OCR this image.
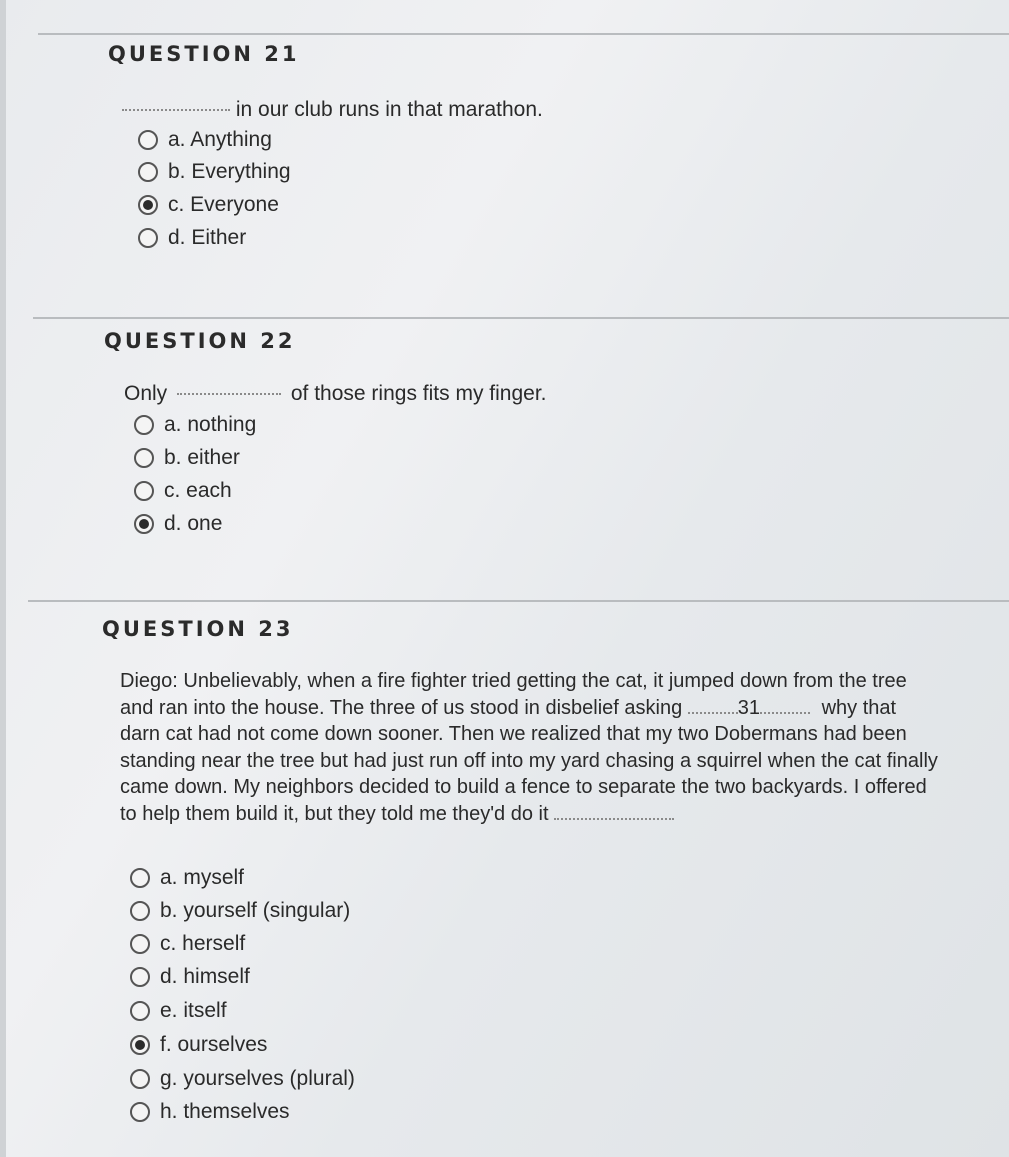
QUESTION 21
in our club runs in that marathon.
a. Anything
b. Everything
c. Everyone
d. Either
QUESTION 22
Only	of those rings fits my finger.
a. nothing
b. either
c. each
d. one
QUESTION 23
Diego: Unbelievably, when a fire fighter tried getting the cat, it jumped down from the tree and ran into the house. The three of us stood in disbelief asking	31	why that darn cat had not come down sooner. Then we realized that my two Dobermans had been standing near the tree but had just run off into my yard chasing a squirrel when the cat finally came down. My neighbors decided to build a fence to separate the two backyards. I offered to help them build it, but they told me they'd do it
a. myself
b. yourself (singular)
c. herself
d. himself
e. itself
f. ourselves
g. yourselves (plural)
h. themselves
